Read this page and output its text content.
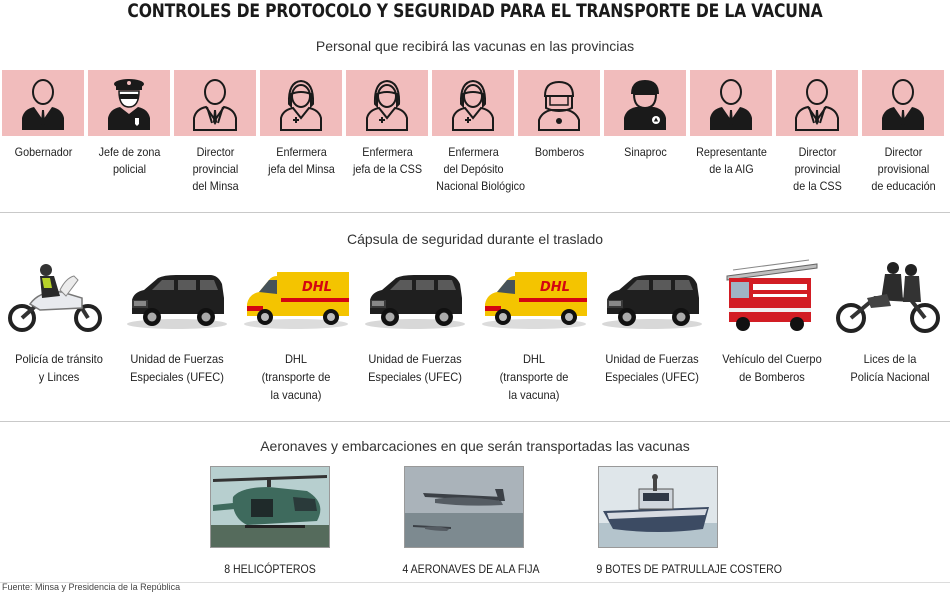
CONTROLES DE PROTOCOLO Y SEGURIDAD PARA EL TRANSPORTE DE LA VACUNA
Personal que recibirá las vacunas en las provincias
Gobernador	Jefe de zona
policial
Director
provincial
del Minsa
Enfermera
jefa del Minsa
Enfermera
jefa de la CSS
Enfermera
del Depósito
Nacional Biológico
Bomberos	Sinaproc	Representante
de la AIG
Director
provincial
de la CSS
Director
provisional
de educación
Cápsula de seguridad durante el traslado
Policía de tránsito
y Linces
Unidad de Fuerzas
Especiales (UFEC)
DHL
(transporte de
la vacuna)
Unidad de Fuerzas
Especiales (UFEC)
DHL
(transporte de
la vacuna)
Unidad de Fuerzas
Especiales (UFEC)
Vehículo del Cuerpo
de Bomberos
Lices de la
Policía Nacional
Aeronaves y embarcaciones en que serán transportadas las vacunas
8 HELICÓPTEROS	4 AERONAVES DE ALA FIJA	9 BOTES DE PATRULLAJE COSTERO
Fuente: Minsa y Presidencia de la República
